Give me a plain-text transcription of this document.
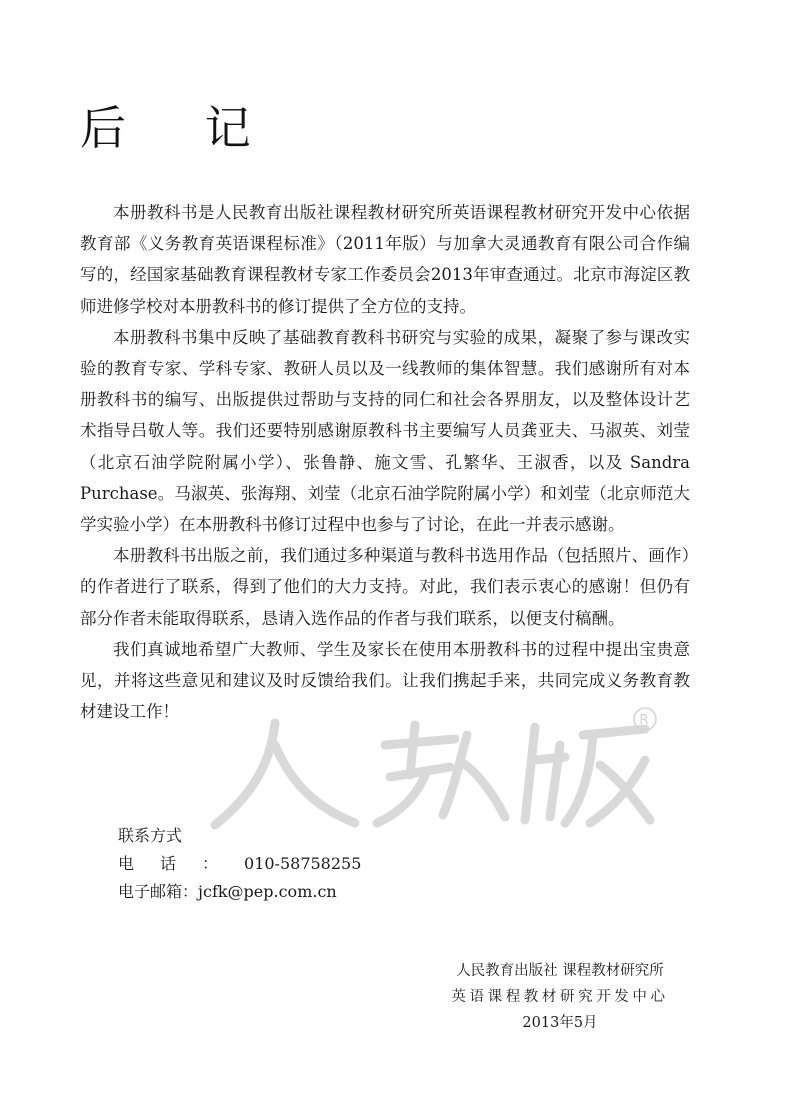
后 记

本册教科书是人民教育出版社课程教材研究所英语课程教材研究开发中心依据教育部《义务教育英语课程标准》（2011年版）与加拿大灵通教育有限公司合作编写的，经国家基础教育课程教材专家工作委员会2013年审查通过。北京市海淀区教师进修学校对本册教科书的修订提供了全方位的支持。

本册教科书集中反映了基础教育教科书研究与实验的成果，凝聚了参与课改实验的教育专家、学科专家、教研人员以及一线教师的集体智慧。我们感谢所有对本册教科书的编写、出版提供过帮助与支持的同仁和社会各界朋友，以及整体设计艺术指导吕敬人等。我们还要特别感谢原教科书主要编写人员龚亚夫、马淑英、刘莹（北京石油学院附属小学）、张鲁静、施文雪、孔繁华、王淑香，以及 Sandra Purchase。马淑英、张海翔、刘莹（北京石油学院附属小学）和刘莹（北京师范大学实验小学）在本册教科书修订过程中也参与了讨论，在此一并表示感谢。

本册教科书出版之前，我们通过多种渠道与教科书选用作品（包括照片、画作）的作者进行了联系，得到了他们的大力支持。对此，我们表示衷心的感谢！但仍有部分作者未能取得联系，恳请入选作品的作者与我们联系，以便支付稿酬。

我们真诚地希望广大教师、学生及家长在使用本册教科书的过程中提出宝贵意见，并将这些意见和建议及时反馈给我们。让我们携起手来，共同完成义务教育教材建设工作！	R
联系方式
电话： 010-58758255
电子邮箱： jcfk@pep.com.cn
人民教育出版社 课程教材研究所
英语课程教材研究开发中心
2013年5月
